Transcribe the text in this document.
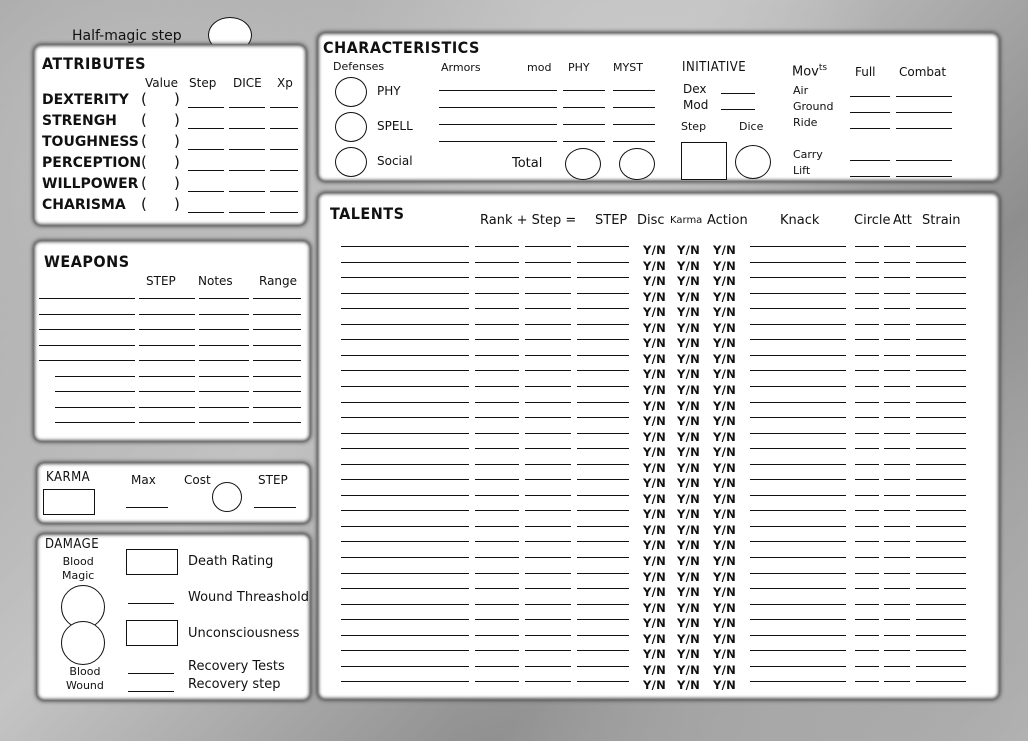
Half-magic step
ATTRIBUTES
Value Step DICE Xp
DEXTERITY ( )
STRENGH ( )
TOUGHNESS ( )
PERCEPTION ( )
WILLPOWER ( )
CHARISMA ( )
CHARACTERISTICS
Defenses
PHY
SPELL
Social
Armors	mod PHY MYST
Total
INITIATIVE
Dex
Mod
Step	Dice
Mov$^{ts}$ Full Combat
Air
Ground
Ride
Carry
Lift
WEAPONS
STEP Notes Range
KARMA	Max Cost	STEP
DAMAGE
Blood
Magic
Blood
Wound
Death Rating
Wound Threashold
Unconsciousness
Recovery Tests
Recovery step
TALENTS	Rank + Step = STEP Disc Karma Action Knack	Circle Att Strain
Y/N Y/N Y/N
Y/N Y/N Y/N
Y/N Y/N Y/N
Y/N Y/N Y/N
Y/N Y/N Y/N
Y/N Y/N Y/N
Y/N Y/N Y/N
Y/N Y/N Y/N
Y/N Y/N Y/N
Y/N Y/N Y/N
Y/N Y/N Y/N
Y/N Y/N Y/N
Y/N Y/N Y/N
Y/N Y/N Y/N
Y/N Y/N Y/N
Y/N Y/N Y/N
Y/N Y/N Y/N
Y/N Y/N Y/N
Y/N Y/N Y/N
Y/N Y/N Y/N
Y/N Y/N Y/N
Y/N Y/N Y/N
Y/N Y/N Y/N
Y/N Y/N Y/N
Y/N Y/N Y/N
Y/N Y/N Y/N
Y/N Y/N Y/N
Y/N Y/N Y/N
Y/N Y/N Y/N
